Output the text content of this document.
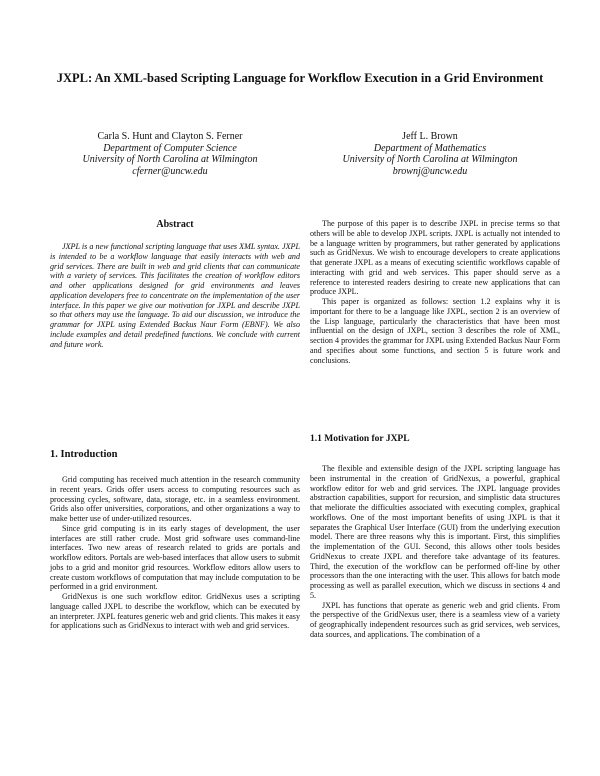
JXPL: An XML-based Scripting Language for Workflow Execution in a Grid Environment
Carla S. Hunt and Clayton S. Ferner
Department of Computer Science
University of North Carolina at Wilmington
cferner@uncw.edu
Jeff L. Brown
Department of Mathematics
University of North Carolina at Wilmington
brownj@uncw.edu
Abstract

JXPL is a new functional scripting language that uses XML syntax. JXPL is intended to be a workflow language that easily interacts with web and grid services. There are built in web and grid clients that can communicate with a variety of services. This facilitates the creation of workflow editors and other applications designed for grid environments and leaves application developers free to concentrate on the implementation of the user interface. In this paper we give our motivation for JXPL and describe JXPL so that others may use the language. To aid our discussion, we introduce the grammar for JXPL using Extended Backus Naur Form (EBNF). We also include examples and detail predefined functions. We conclude with current and future work.

1. Introduction

Grid computing has received much attention in the research community in recent years. Grids offer users access to computing resources such as processing cycles, software, data, storage, etc. in a seamless environment. Grids also offer universities, corporations, and other organizations a way to make better use of under-utilized resources.

Since grid computing is in its early stages of development, the user interfaces are still rather crude. Most grid software uses command-line interfaces. Two new areas of research related to grids are portals and workflow editors. Portals are web-based interfaces that allow users to submit jobs to a grid and monitor grid resources. Workflow editors allow users to create custom workflows of computation that may include computation to be performed in a grid environment.

GridNexus is one such workflow editor. GridNexus uses a scripting language called JXPL to describe the workflow, which can be executed by an interpreter. JXPL features generic web and grid clients. This makes it easy for applications such as GridNexus to interact with web and grid services.

The purpose of this paper is to describe JXPL in precise terms so that others will be able to develop JXPL scripts. JXPL is actually not intended to be a language written by programmers, but rather generated by applications such as GridNexus. We wish to encourage developers to create applications that generate JXPL as a means of executing scientific workflows capable of interacting with grid and web services. This paper should serve as a reference to interested readers desiring to create new applications that can produce JXPL.

This paper is organized as follows: section 1.2 explains why it is important for there to be a language like JXPL, section 2 is an overview of the Lisp language, particularly the characteristics that have been most influential on the design of JXPL, section 3 describes the role of XML, section 4 provides the grammar for JXPL using Extended Backus Naur Form and specifies about some functions, and section 5 is future work and conclusions.

1.1 Motivation for JXPL

The flexible and extensible design of the JXPL scripting language has been instrumental in the creation of GridNexus, a powerful, graphical workflow editor for web and grid services. The JXPL language provides abstraction capabilities, support for recursion, and simplistic data structures that meliorate the difficulties associated with executing complex, graphical workflows. One of the most important benefits of using JXPL is that it separates the Graphical User Interface (GUI) from the underlying execution model. There are three reasons why this is important. First, this simplifies the implementation of the GUI. Second, this allows other tools besides GridNexus to create JXPL and therefore take advantage of its features. Third, the execution of the workflow can be performed off-line by other processors than the one interacting with the user. This allows for batch mode processing as well as parallel execution, which we discuss in sections 4 and 5.

JXPL has functions that operate as generic web and grid clients. From the perspective of the GridNexus user, there is a seamless view of a variety of geographically independent resources such as grid services, web services, data sources, and applications. The combination of a
